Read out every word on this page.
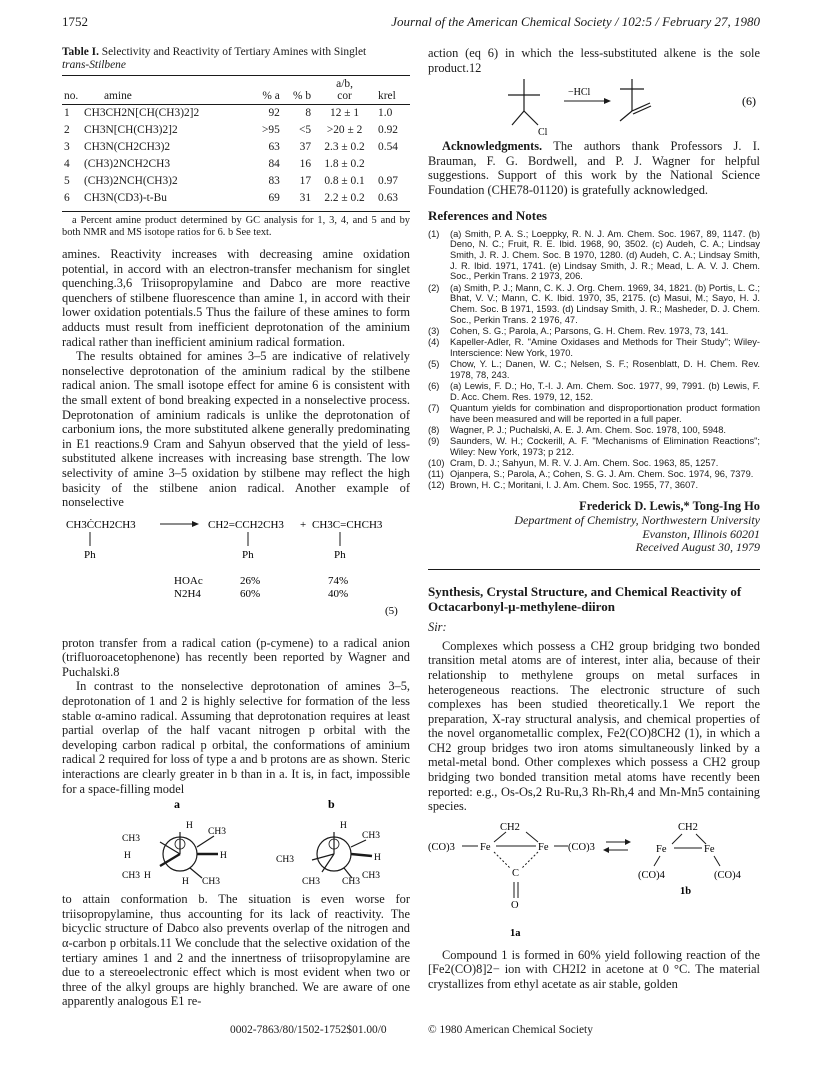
1752	Journal of the American Chemical Society / 102:5 / February 27, 1980
Table I. Selectivity and Reactivity of Tertiary Amines with Singlet
trans-Stilbene

				a/b,	
no.	amine	% a	% b	cor	krel
1	CH3CH2N[CH(CH3)2]2	92	8	12 ± 1	1.0
2	CH3N[CH(CH3)2]2	>95	<5	>20 ± 2	0.92
3	CH3N(CH2CH3)2	63	37	2.3 ± 0.2	0.54
4	(CH3)2NCH2CH3	84	16	1.8 ± 0.2	
5	(CH3)2NCH(CH3)2	83	17	0.8 ± 0.1	0.97
6	CH3N(CD3)-t-Bu	69	31	2.2 ± 0.2	0.63
a Percent amine product determined by GC analysis for 1, 3, 4, and 5 and by both NMR and MS isotope ratios for 6. b See text.

amines. Reactivity increases with decreasing amine oxidation potential, in accord with an electron-transfer mechanism for singlet quenching.3,6 Triisopropylamine and Dabco are more reactive quenchers of stilbene fluorescence than amine 1, in accord with their lower oxidation potentials.5 Thus the failure of these amines to form adducts must result from inefficient deprotonation of the aminium radical rather than inefficient aminium radical formation.

The results obtained for amines 3–5 are indicative of relatively nonselective deprotonation of the aminium radical by the stilbene radical anion. The small isotope effect for amine 6 is consistent with the small extent of bond breaking expected in a nonselective process. Deprotonation of aminium radicals is unlike the deprotonation of carbonium ions, the more substituted alkene generally predominating in E1 reactions.9 Cram and Sahyun observed that the yield of less-substituted alkene increases with increasing base strength. The low selectivity of amine 3–5 oxidation by stilbene may reflect the high basicity of the stilbene anion radical. Another example of nonselective

CH3ĊCH2CH3
Ph
CH2=CCH2CH3
Ph
+ CH3C=CHCH3
Ph
HOAc
N2H4
26%
60%
74%
40%
(5)

proton transfer from a radical cation (p-cymene) to a radical anion (trifluoroacetophenone) has recently been reported by Wagner and Puchalski.8

In contrast to the nonselective deprotonation of amines 3–5, deprotonation of 1 and 2 is highly selective for formation of the less stable α-amino radical. Assuming that deprotonation requires at least partial overlap of the half vacant nitrogen p orbital with the developing carbon radical p orbital, the conformations of aminium radical 2 required for loss of type a and b protons are as shown. Steric interactions are clearly greater in b than in a. It is, in fact, impossible for a space-filling model

a
H
CH3
H
CH3 H
CH3
H
H CH3
b
H
CH3
CH3
CH3
H
CH3
CH3

to attain conformation b. The situation is even worse for triisopropylamine, thus accounting for its lack of reactivity. The bicyclic structure of Dabco also prevents overlap of the nitrogen and α-carbon p orbitals.11 We conclude that the selective oxidation of the tertiary amines 1 and 2 and the innertness of triisopropylamine are due to a stereoelectronic effect which is most evident when two or three of the alkyl groups are highly branched. We are aware of one apparently analogous E1 re-

action (eq 6) in which the less-substituted alkene is the sole product.12

Cl
−HCl
(6)

Acknowledgments. The authors thank Professors J. I. Brauman, F. G. Bordwell, and P. J. Wagner for helpful suggestions. Support of this work by the National Science Foundation (CHE78-01120) is gratefully acknowledged.

References and Notes
(1)	(a) Smith, P. A. S.; Loeppky, R. N. J. Am. Chem. Soc. 1967, 89, 1147. (b) Deno, N. C.; Fruit, R. E. Ibid. 1968, 90, 3502. (c) Audeh, C. A.; Lindsay Smith, J. R. J. Chem. Soc. B 1970, 1280. (d) Audeh, C. A.; Lindsay Smith, J. R. Ibid. 1971, 1741. (e) Lindsay Smith, J. R.; Mead, L. A. V. J. Chem. Soc., Perkin Trans. 2 1973, 206.
(2)	(a) Smith, P. J.; Mann, C. K. J. Org. Chem. 1969, 34, 1821. (b) Portis, L. C.; Bhat, V. V.; Mann, C. K. Ibid. 1970, 35, 2175. (c) Masui, M.; Sayo, H. J. Chem. Soc. B 1971, 1593. (d) Lindsay Smith, J. R.; Masheder, D. J. Chem. Soc., Perkin Trans. 2 1976, 47.
(3)	Cohen, S. G.; Parola, A.; Parsons, G. H. Chem. Rev. 1973, 73, 141.
(4)	Kapeller-Adler, R. "Amine Oxidases and Methods for Their Study"; Wiley-Interscience: New York, 1970.
(5)	Chow, Y. L.; Danen, W. C.; Nelsen, S. F.; Rosenblatt, D. H. Chem. Rev. 1978, 78, 243.
(6)	(a) Lewis, F. D.; Ho, T.-I. J. Am. Chem. Soc. 1977, 99, 7991. (b) Lewis, F. D. Acc. Chem. Res. 1979, 12, 152.
(7)	Quantum yields for combination and disproportionation product formation have been measured and will be reported in a full paper.
(8)	Wagner, P. J.; Puchalski, A. E. J. Am. Chem. Soc. 1978, 100, 5948.
(9)	Saunders, W. H.; Cockerill, A. F. "Mechanisms of Elimination Reactions"; Wiley: New York, 1973; p 212.
(10) Cram, D. J.; Sahyun, M. R. V. J. Am. Chem. Soc. 1963, 85, 1257.
(11) Ojanpera, S.; Parola, A.; Cohen, S. G. J. Am. Chem. Soc. 1974, 96, 7379.
(12) Brown, H. C.; Moritani, I. J. Am. Chem. Soc. 1955, 77, 3607.
Frederick D. Lewis,* Tong-Ing Ho
Department of Chemistry, Northwestern University
Evanston, Illinois 60201
Received August 30, 1979
Synthesis, Crystal Structure, and Chemical Reactivity of Octacarbonyl-μ-methylene-diiron
Sir:

Complexes which possess a CH2 group bridging two bonded transition metal atoms are of interest, inter alia, because of their relationship to methylene groups on metal surfaces in heterogeneous reactions. The electronic structure of such complexes has been studied theoretically.1 We report the preparation, X-ray structural analysis, and chemical properties of the novel organometallic complex, Fe2(CO)8CH2 (1), in which a CH2 group bridges two iron atoms simultaneously linked by a metal-metal bond. Other complexes which possess a CH2 group bridging two bonded transition metal atoms have recently been reported: e.g., Os-Os,2 Ru-Ru,3 Rh-Rh,4 and Mn-Mn5 containing species.

(CO)3 Fe
CH2
Fe (CO)3
C
O
1a
CH2
Fe	Fe
(CO)4	(CO)4
1b

Compound 1 is formed in 60% yield following reaction of the [Fe2(CO)8]2− ion with CH2I2 in acetone at 0 °C. The material crystallizes from ethyl acetate as air stable, golden

0002-7863/80/1502-1752$01.00/0	© 1980 American Chemical Society
